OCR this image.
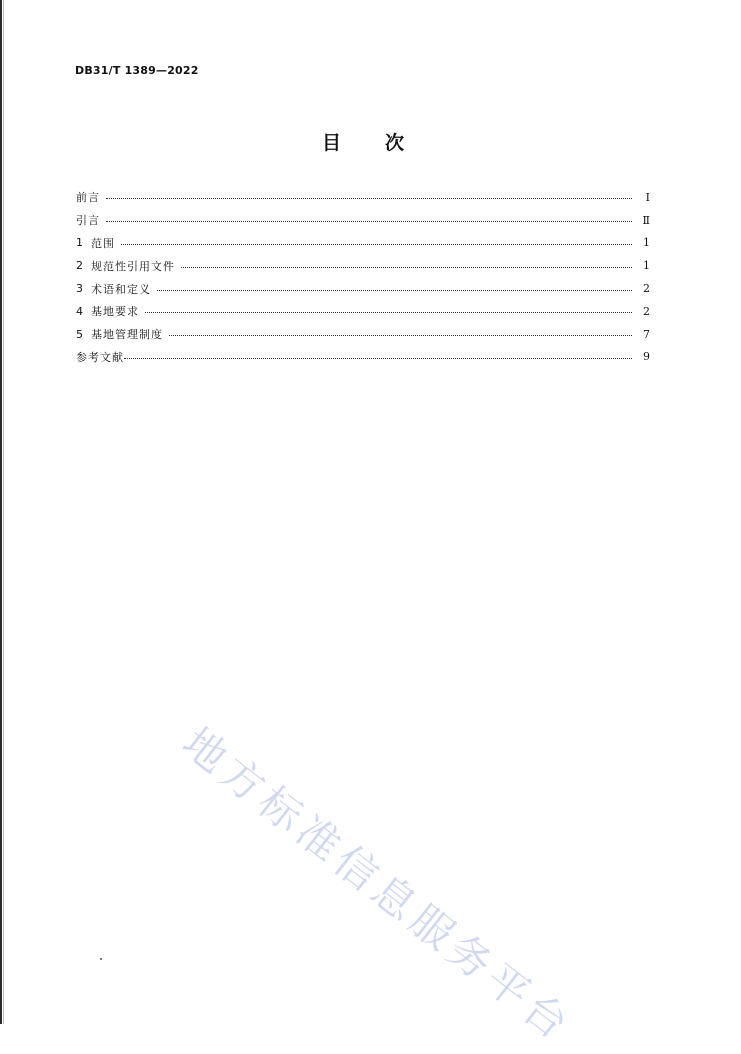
DB31/T 1389—2022
目次
前言	I
引言	Ⅱ
1 范围	1
2 规范性引用文件	1
3 术语和定义	2
4 基地要求	2
5 基地管理制度	7
参考文献	9
地方标准信息服务平台
